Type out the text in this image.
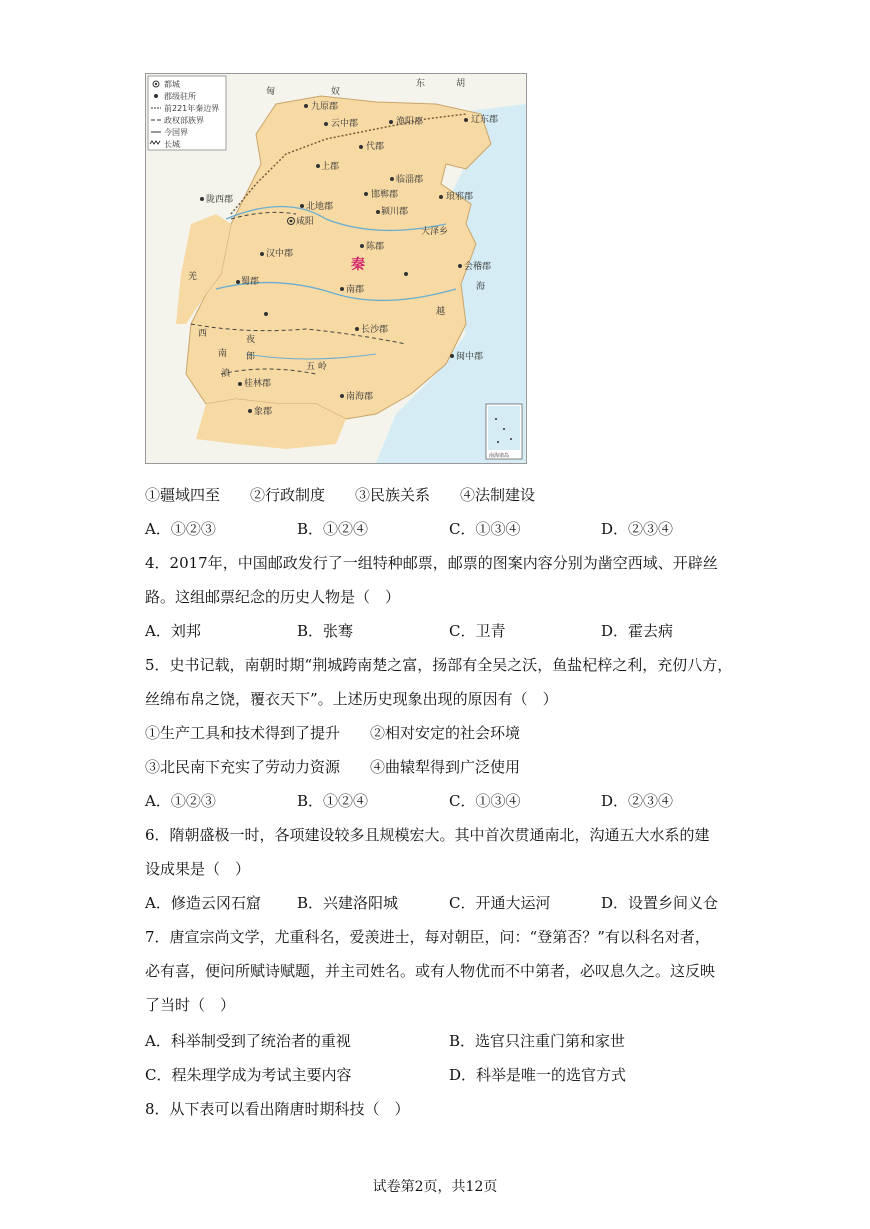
都城
郡级驻所
前221年秦边界
政权部族界
今国界
长城
匈	奴
东	胡
九原郡
云中郡	渔阳郡	辽东郡
代郡
上郡
临淄郡
邯郸郡	琅邪郡
陇西郡
北地郡
咸阳
颍川郡
陈郡
大泽乡
汉中郡
蜀郡
南郡
会稽郡
长沙郡
闽中郡
桂林郡
象郡
南海郡
羌
西
南
滇
夜
郎
五 岭
越
海
秦
南海诸岛
①疆域四至　　②行政制度　　③民族关系　　④法制建设
A．①②③	B．①②④	C．①③④	D．②③④
4．2017年，中国邮政发行了一组特种邮票，邮票的图案内容分别为凿空西域、开辟丝
路。这组邮票纪念的历史人物是（　）
A．刘邦	B．张骞	C．卫青	D．霍去病
5．史书记载，南朝时期“荆城跨南楚之富，扬部有全吴之沃，鱼盐杞梓之利，充仞八方，
丝绵布帛之饶，覆衣天下”。上述历史现象出现的原因有（　）
①生产工具和技术得到了提升　　②相对安定的社会环境
③北民南下充实了劳动力资源　　④曲辕犁得到广泛使用
A．①②③	B．①②④	C．①③④	D．②③④
6．隋朝盛极一时，各项建设较多且规模宏大。其中首次贯通南北，沟通五大水系的建
设成果是（　）
A．修造云冈石窟 B．兴建洛阳城	C．开通大运河	D．设置乡间义仓
7．唐宣宗尚文学，尤重科名，爱羡进士，每对朝臣，问：“登第否？”有以科名对者，
必有喜，便问所赋诗赋题，并主司姓名。或有人物优而不中第者，必叹息久之。这反映
了当时（　）
A．科举制受到了统治者的重视	B．选官只注重门第和家世
C．程朱理学成为考试主要内容	D．科举是唯一的选官方式
8．从下表可以看出隋唐时期科技（　）
试卷第2页，共12页
